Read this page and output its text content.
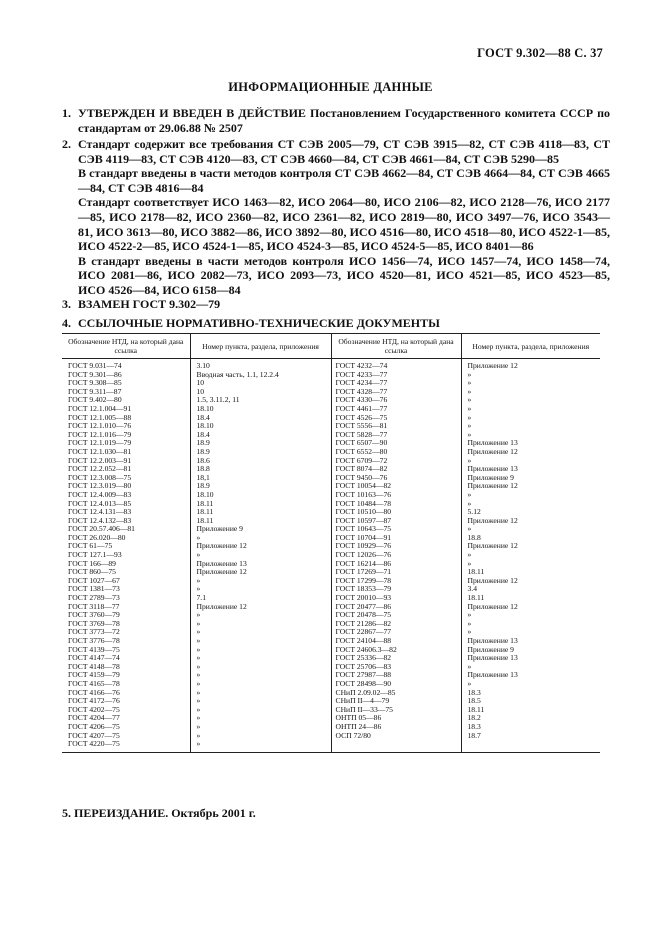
ГОСТ 9.302—88 С. 37
ИНФОРМАЦИОННЫЕ ДАННЫЕ
1. УТВЕРЖДЕН И ВВЕДЕН В ДЕЙСТВИЕ Постановлением Государственного комитета СССР по стандартам от 29.06.88 № 2507

2. Стандарт содержит все требования СТ СЭВ 2005—79, СТ СЭВ 3915—82, СТ СЭВ 4118—83, СТ СЭВ 4119—83, СТ СЭВ 4120—83, СТ СЭВ 4660—84, СТ СЭВ 4661—84, СТ СЭВ 5290—85

В стандарт введены в части методов контроля СТ СЭВ 4662—84, СТ СЭВ 4664—84, СТ СЭВ 4665—84, СТ СЭВ 4816—84

Стандарт соответствует ИСО 1463—82, ИСО 2064—80, ИСО 2106—82, ИСО 2128—76, ИСО 2177—85, ИСО 2178—82, ИСО 2360—82, ИСО 2361—82, ИСО 2819—80, ИСО 3497—76, ИСО 3543—81, ИСО 3613—80, ИСО 3882—86, ИСО 3892—80, ИСО 4516—80, ИСО 4518—80, ИСО 4522-1—85, ИСО 4522-2—85, ИСО 4524-1—85, ИСО 4524-3—85, ИСО 4524-5—85, ИСО 8401—86

В стандарт введены в части методов контроля ИСО 1456—74, ИСО 1457—74, ИСО 1458—74, ИСО 2081—86, ИСО 2082—73, ИСО 2093—73, ИСО 4520—81, ИСО 4521—85, ИСО 4523—85, ИСО 4526—84, ИСО 6158—84

3. ВЗАМЕН ГОСТ 9.302—79

4. ССЫЛОЧНЫЕ НОРМАТИВНО-ТЕХНИЧЕСКИЕ ДОКУМЕНТЫ

Обозначение НТД, на который дана ссылка	Номер пункта, раздела, приложения	Обозначение НТД, на который дана ссылка	Номер пункта, раздела, приложения
ГОСТ 9.031—74	3.10	ГОСТ 4232—74	Приложение 12
ГОСТ 9.301—86	Вводная часть, 1.1, 12.2.4	ГОСТ 4233—77	»
ГОСТ 9.308—85	10	ГОСТ 4234—77	»
ГОСТ 9.311—87	10	ГОСТ 4328—77	»
ГОСТ 9.402—80	1.5, 3.11.2, 11	ГОСТ 4330—76	»
ГОСТ 12.1.004—91	18.10	ГОСТ 4461—77	»
ГОСТ 12.1.005—88	18.4	ГОСТ 4526—75	»
ГОСТ 12.1.010—76	18.10	ГОСТ 5556—81	»
ГОСТ 12.1.016—79	18.4	ГОСТ 5828—77	»
ГОСТ 12.1.019—79	18.9	ГОСТ 6507—90	Приложение 13
ГОСТ 12.1.030—81	18.9	ГОСТ 6552—80	Приложение 12
ГОСТ 12.2.003—91	18.6	ГОСТ 6709—72	»
ГОСТ 12.2.052—81	18.8	ГОСТ 8074—82	Приложение 13
ГОСТ 12.3.008—75	18,1	ГОСТ 9450—76	Приложение 9
ГОСТ 12.3.019—80	18.9	ГОСТ 10054—82	Приложение 12
ГОСТ 12.4.009—83	18.10	ГОСТ 10163—76	»
ГОСТ 12.4.013—85	18.11	ГОСТ 10484—78	»
ГОСТ 12.4.131—83	18.11	ГОСТ 10510—80	5.12
ГОСТ 12.4.132—83	18.11	ГОСТ 10597—87	Приложение 12
ГОСТ 20.57.406—81	Приложение 9	ГОСТ 10643—75	»
ГОСТ 26.020—80	»	ГОСТ 10704—91	18.8
ГОСТ 61—75	Приложение 12	ГОСТ 10929—76	Приложение 12
ГОСТ 127.1—93	»	ГОСТ 12026—76	»
ГОСТ 166—89	Приложение 13	ГОСТ 16214—86	»
ГОСТ 860—75	Приложение 12	ГОСТ 17269—71	18.11
ГОСТ 1027—67	»	ГОСТ 17299—78	Приложение 12
ГОСТ 1381—73	»	ГОСТ 18353—79	3.4
ГОСТ 2789—73	7.1	ГОСТ 20010—93	18.11
ГОСТ 3118—77	Приложение 12	ГОСТ 20477—86	Приложение 12
ГОСТ 3760—79	»	ГОСТ 20478—75	»
ГОСТ 3769—78	»	ГОСТ 21286—82	»
ГОСТ 3773—72	»	ГОСТ 22867—77	»
ГОСТ 3776—78	»	ГОСТ 24104—88	Приложение 13
ГОСТ 4139—75	»	ГОСТ 24606.3—82	Приложение 9
ГОСТ 4147—74	»	ГОСТ 25336—82	Приложение 13
ГОСТ 4148—78	»	ГОСТ 25706—83	»
ГОСТ 4159—79	»	ГОСТ 27987—88	Приложение 13
ГОСТ 4165—78	»	ГОСТ 28498—90	»
ГОСТ 4166—76	»	СНиП 2.09.02—85	18.3
ГОСТ 4172—76	»	СНиП II—4—79	18.5
ГОСТ 4202—75	»	СНиП II—33—75	18.11
ГОСТ 4204—77	»	ОНТП 05—86	18.2
ГОСТ 4206—75	»	ОНТП 24—86	18.3
ГОСТ 4207—75	»	ОСП 72/80	18.7
ГОСТ 4220—75	»		
5. ПЕРЕИЗДАНИЕ. Октябрь 2001 г.
